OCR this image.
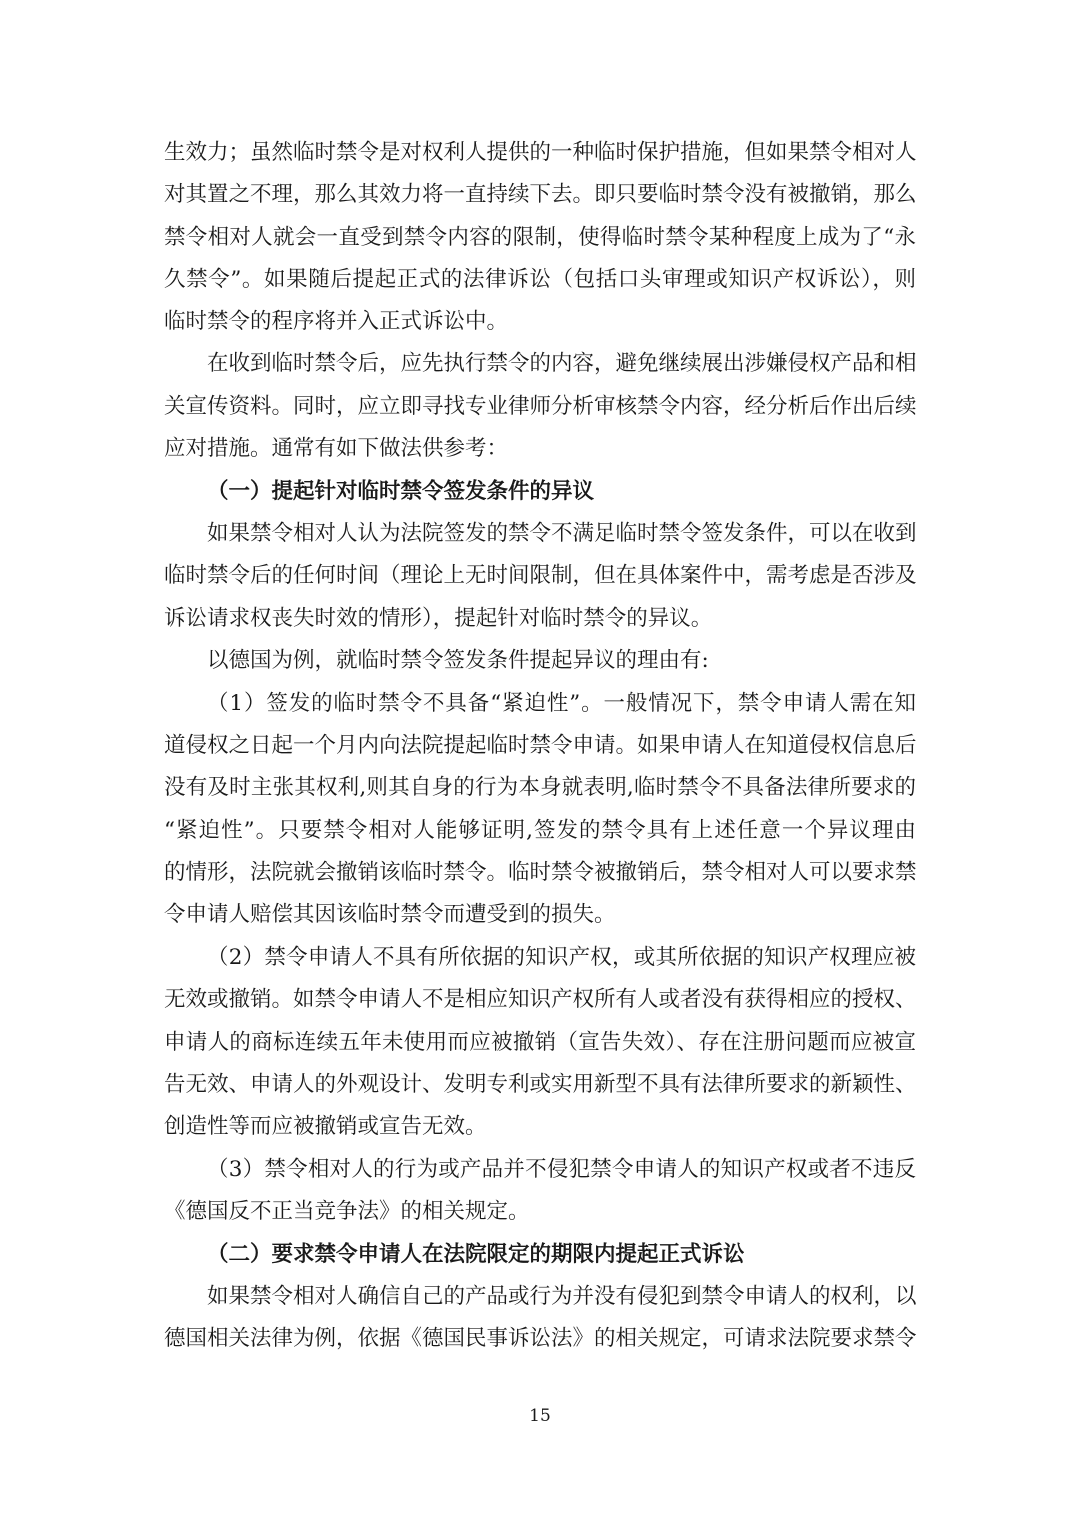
生效力；虽然临时禁令是对权利人提供的一种临时保护措施，但如果禁令相对人
对其置之不理，那么其效力将一直持续下去。即只要临时禁令没有被撤销，那么
禁令相对人就会一直受到禁令内容的限制，使得临时禁令某种程度上成为了“永
久禁令”。如果随后提起正式的法律诉讼（包括口头审理或知识产权诉讼），则
临时禁令的程序将并入正式诉讼中。
在收到临时禁令后，应先执行禁令的内容，避免继续展出涉嫌侵权产品和相
关宣传资料。同时，应立即寻找专业律师分析审核禁令内容，经分析后作出后续
应对措施。通常有如下做法供参考：
（一）提起针对临时禁令签发条件的异议
如果禁令相对人认为法院签发的禁令不满足临时禁令签发条件，可以在收到
临时禁令后的任何时间（理论上无时间限制，但在具体案件中，需考虑是否涉及
诉讼请求权丧失时效的情形），提起针对临时禁令的异议。
以德国为例，就临时禁令签发条件提起异议的理由有:
（1）签发的临时禁令不具备“紧迫性”。一般情况下，禁令申请人需在知
道侵权之日起一个月内向法院提起临时禁令申请。如果申请人在知道侵权信息后
没有及时主张其权利,则其自身的行为本身就表明,临时禁令不具备法律所要求的
“紧迫性”。只要禁令相对人能够证明,签发的禁令具有上述任意一个异议理由
的情形，法院就会撤销该临时禁令。临时禁令被撤销后，禁令相对人可以要求禁
令申请人赔偿其因该临时禁令而遭受到的损失。
（2）禁令申请人不具有所依据的知识产权，或其所依据的知识产权理应被
无效或撤销。如禁令申请人不是相应知识产权所有人或者没有获得相应的授权、
申请人的商标连续五年未使用而应被撤销（宣告失效）、存在注册问题而应被宣
告无效、申请人的外观设计、发明专利或实用新型不具有法律所要求的新颖性、
创造性等而应被撤销或宣告无效。
（3）禁令相对人的行为或产品并不侵犯禁令申请人的知识产权或者不违反
《德国反不正当竞争法》的相关规定。
（二）要求禁令申请人在法院限定的期限内提起正式诉讼
如果禁令相对人确信自己的产品或行为并没有侵犯到禁令申请人的权利，以
德国相关法律为例，依据《德国民事诉讼法》的相关规定，可请求法院要求禁令
15
